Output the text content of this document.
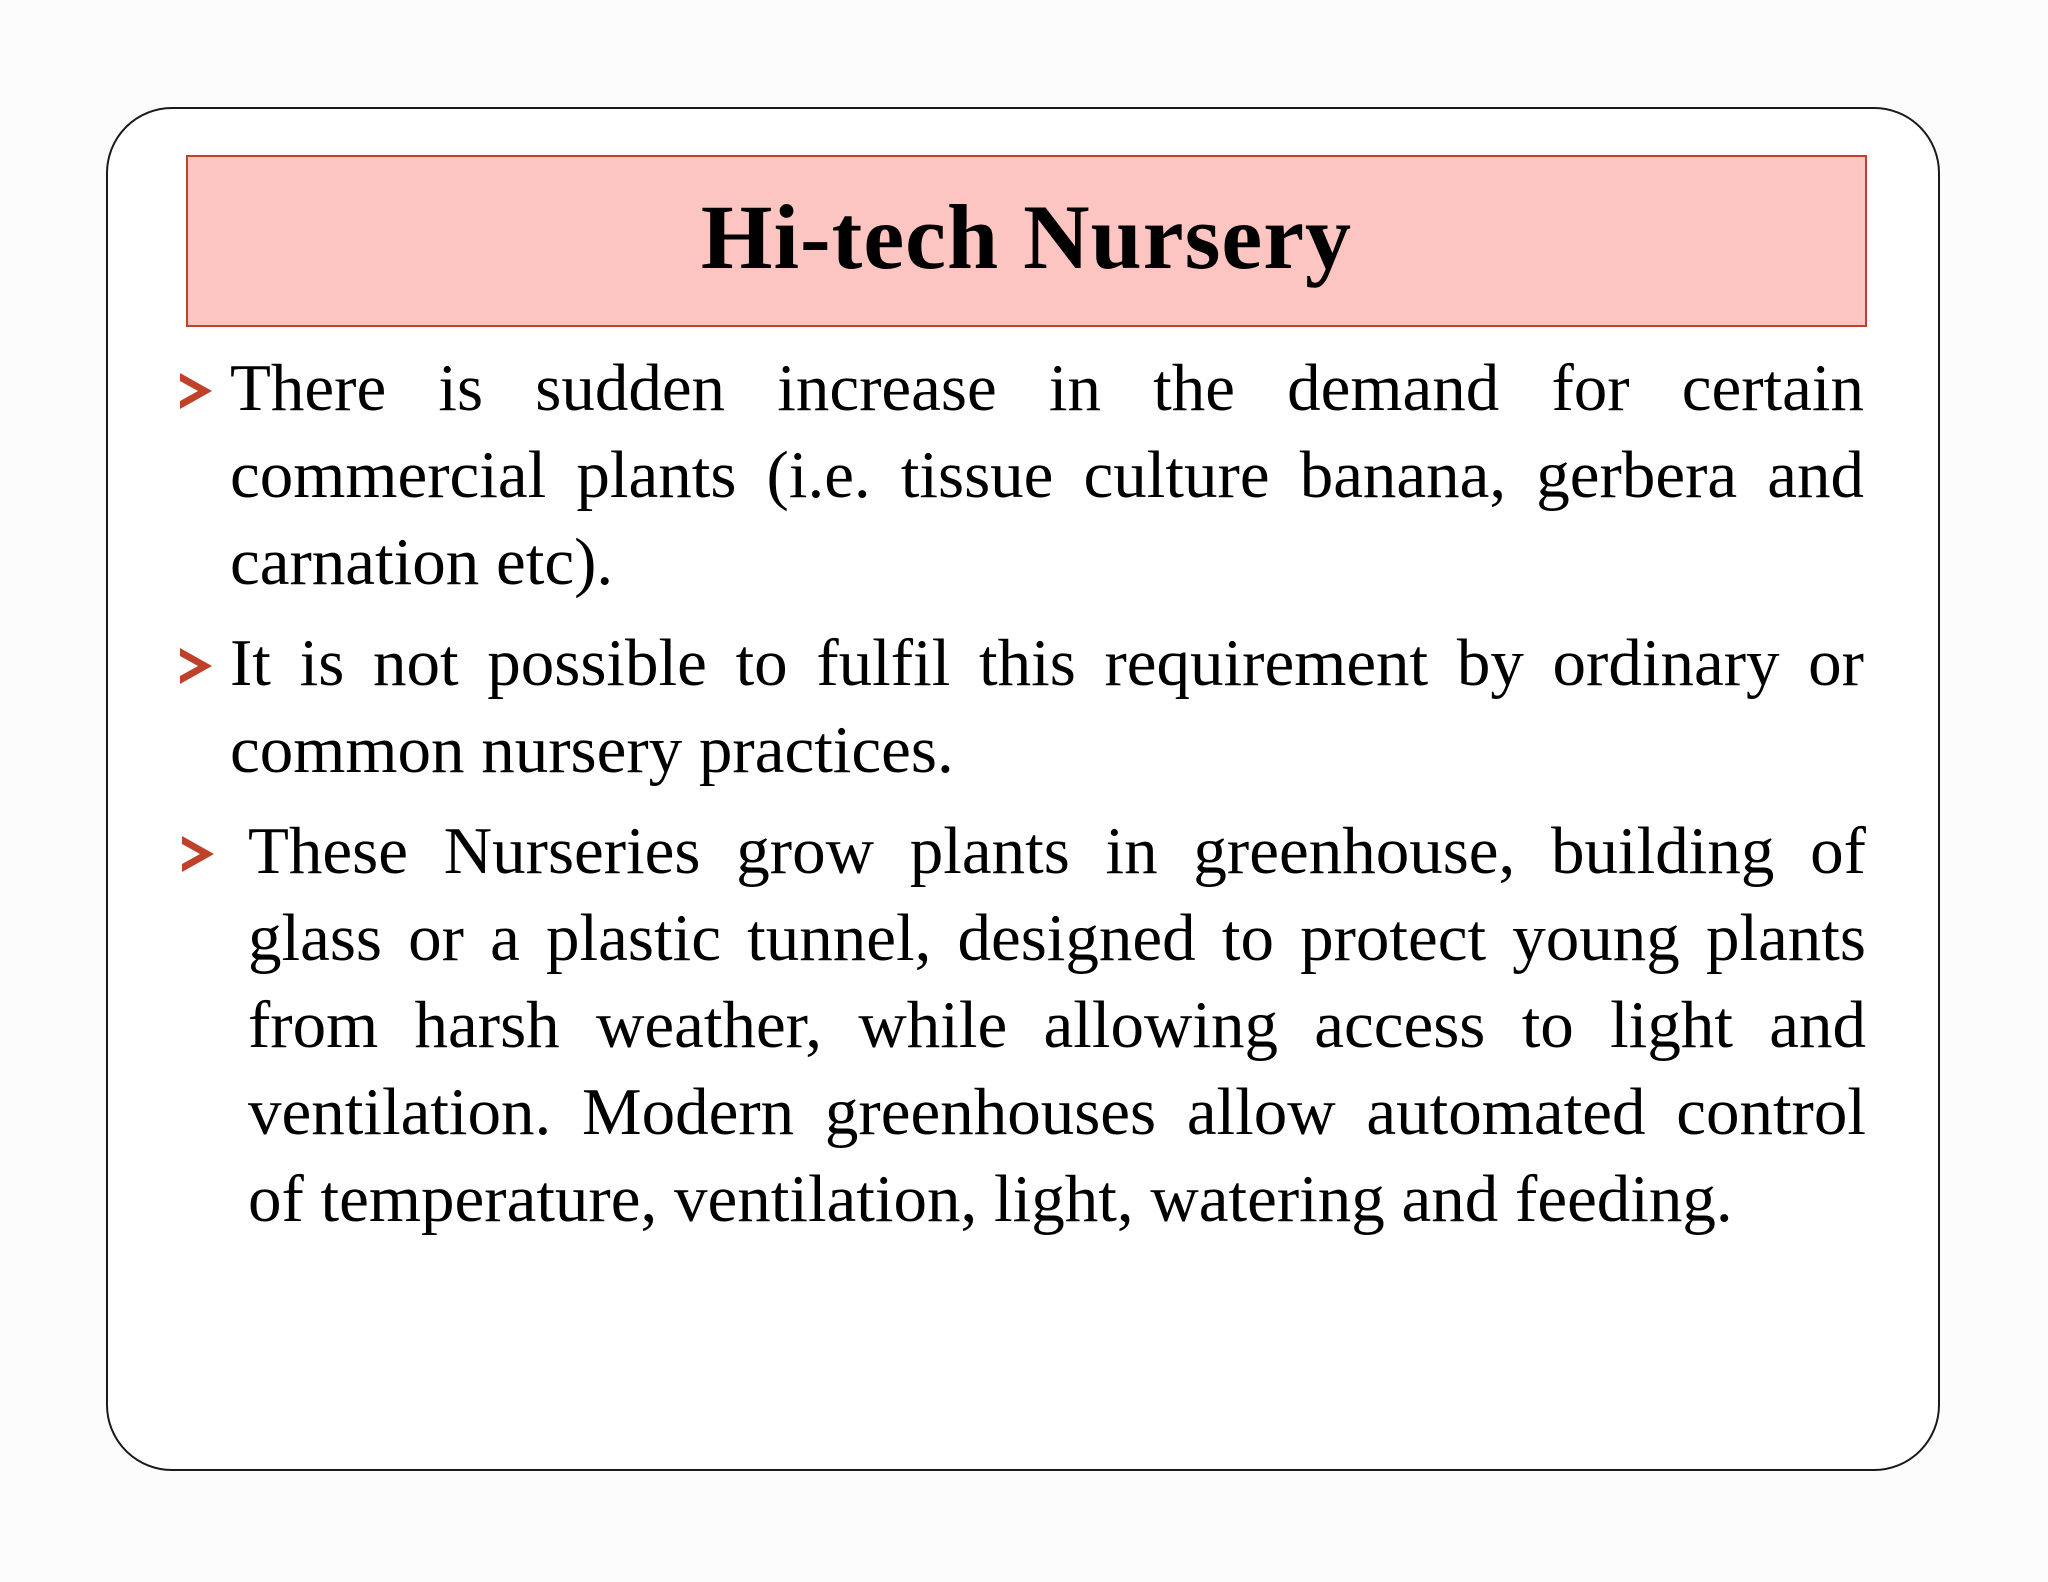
Hi-tech Nursery

There is sudden increase in the demand for certain commercial plants (i.e. tissue culture banana, gerbera and carnation etc).

It is not possible to fulfil this requirement by ordinary or common nursery practices.

These Nurseries grow plants in greenhouse, building of glass or a plastic tunnel, designed to protect young plants from harsh weather, while allowing access to light and ventilation. Modern greenhouses allow automated control of temperature, ventilation, light, watering and feeding.
